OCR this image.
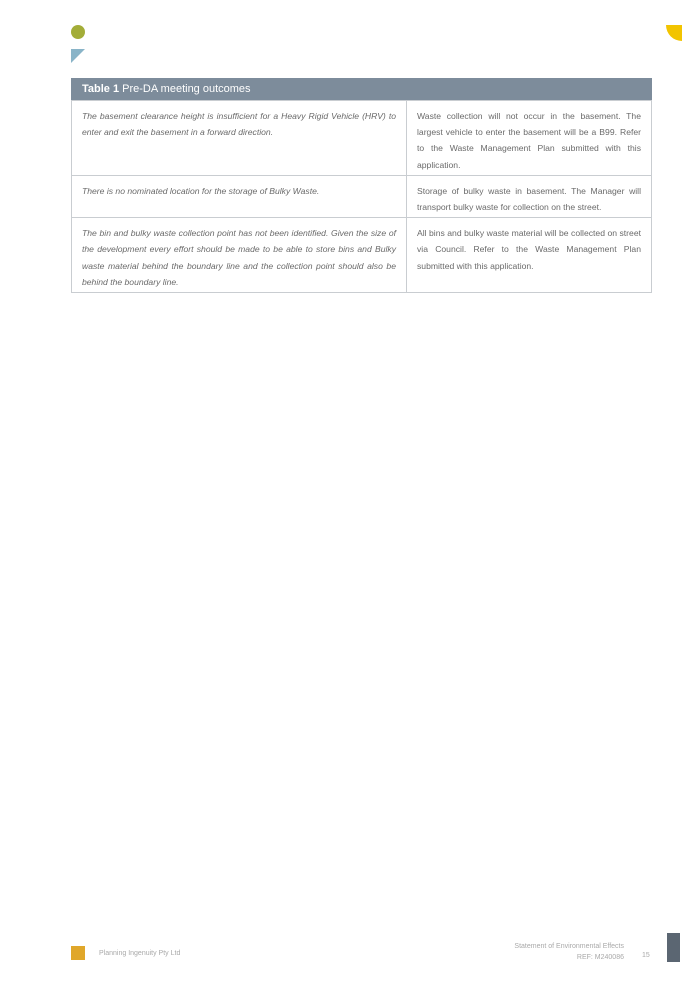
Table 1 Pre-DA meeting outcomes
The basement clearance height is insufficient for a Heavy Rigid Vehicle (HRV) to enter and exit the basement in a forward direction.	Waste collection will not occur in the basement. The largest vehicle to enter the basement will be a B99. Refer to the Waste Management Plan submitted with this application.
There is no nominated location for the storage of Bulky Waste.	Storage of bulky waste in basement. The Manager will transport bulky waste for collection on the street.
The bin and bulky waste collection point has not been identified. Given the size of the development every effort should be made to be able to store bins and Bulky waste material behind the boundary line and the collection point should also be behind the boundary line.	All bins and bulky waste material will be collected on street via Council. Refer to the Waste Management Plan submitted with this application.
Planning Ingenuity Pty Ltd
Statement of Environmental Effects
REF: M240086	15
